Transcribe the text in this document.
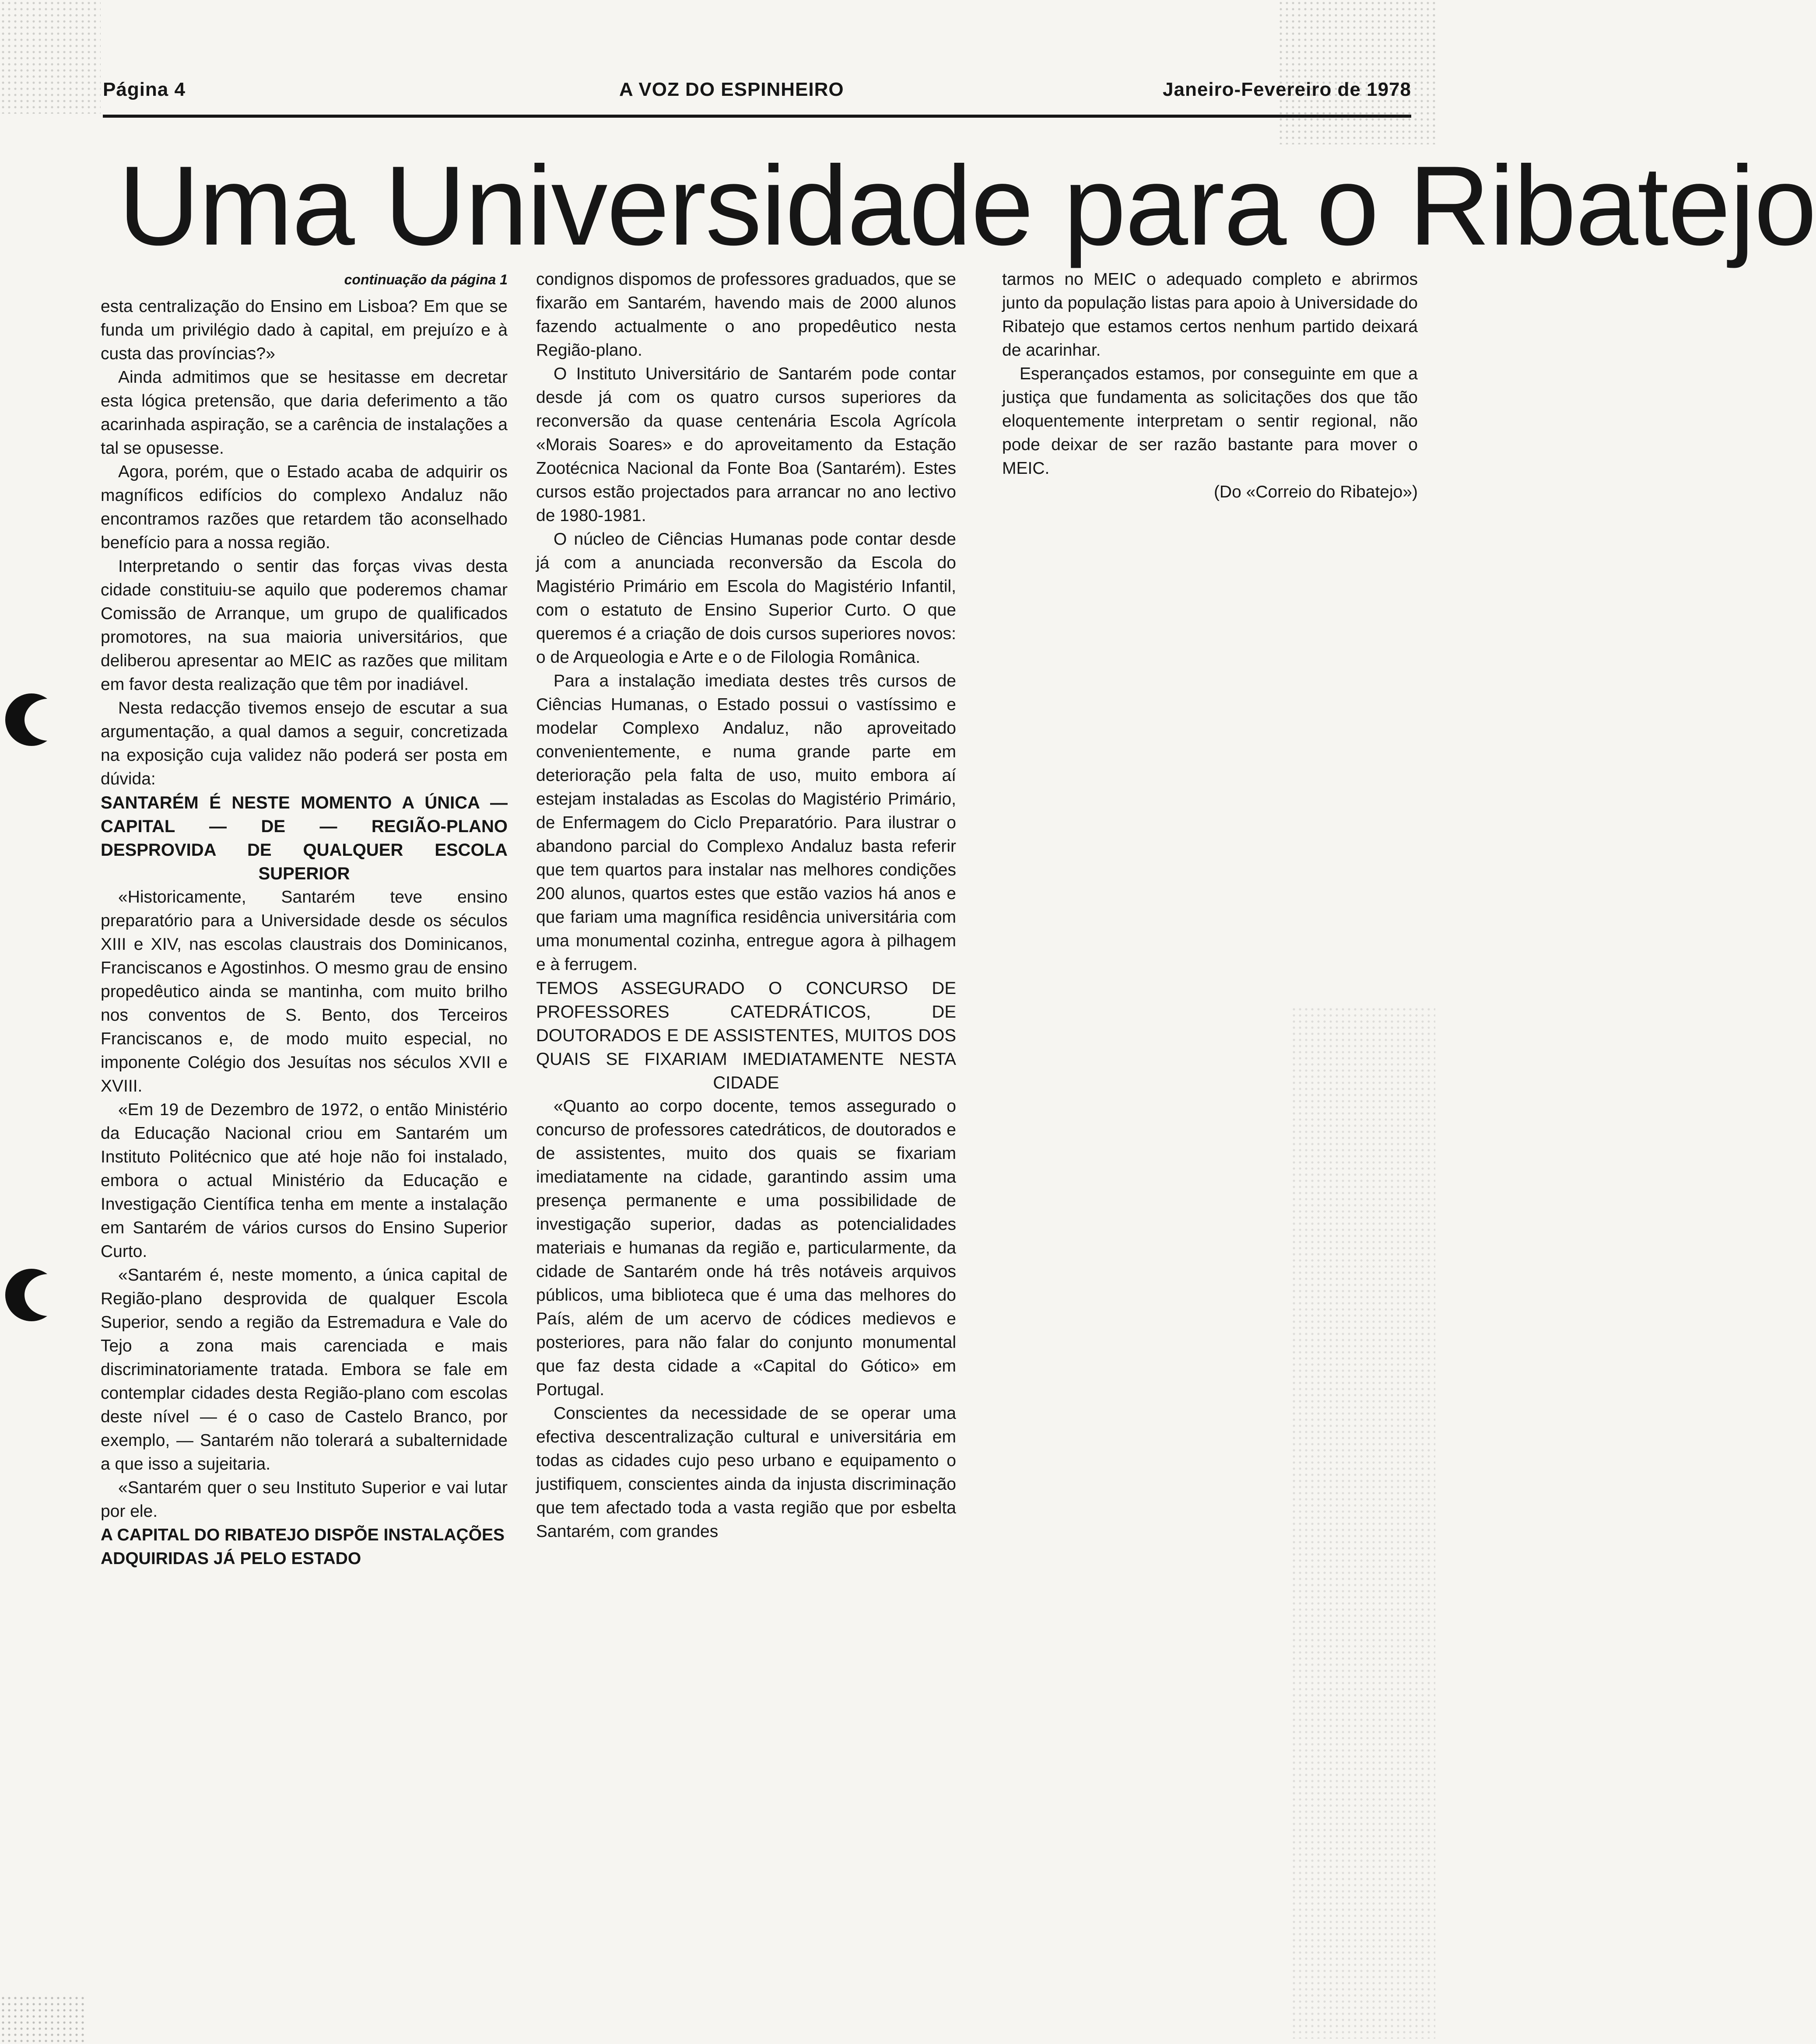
Página 4	A VOZ DO ESPINHEIRO	Janeiro-Fevereiro de 1978
Uma Universidade para o Ribatejo

continuação da página 1

esta centralização do Ensino em Lisboa? Em que se funda um privilégio dado à capital, em prejuízo e à custa das províncias?»

Ainda admitimos que se hesitasse em decretar esta lógica pretensão, que daria deferimento a tão acarinhada aspiração, se a carência de instalações a tal se opusesse.

Agora, porém, que o Estado acaba de adquirir os magníficos edifícios do complexo Andaluz não encontramos razões que retardem tão aconselhado benefício para a nossa região.

Interpretando o sentir das forças vivas desta cidade constituiu-se aquilo que poderemos chamar Comissão de Arranque, um grupo de qualificados promotores, na sua maioria universitários, que deliberou apresentar ao MEIC as razões que militam em favor desta realização que têm por inadiável.

Nesta redacção tivemos ensejo de escutar a sua argumentação, a qual damos a seguir, concretizada na exposição cuja validez não poderá ser posta em dúvida:

SANTARÉM É NESTE MOMENTO A ÚNICA — CAPITAL — DE — REGIÃO-PLANO DESPROVIDA DE QUALQUER ESCOLA SUPERIOR

«Historicamente, Santarém teve ensino preparatório para a Universidade desde os séculos XIII e XIV, nas escolas claustrais dos Dominicanos, Franciscanos e Agostinhos. O mesmo grau de ensino propedêutico ainda se mantinha, com muito brilho nos conventos de S. Bento, dos Terceiros Franciscanos e, de modo muito especial, no imponente Colégio dos Jesuítas nos séculos XVII e XVIII.

«Em 19 de Dezembro de 1972, o então Ministério da Educação Nacional criou em Santarém um Instituto Politécnico que até hoje não foi instalado, embora o actual Ministério da Educação e Investigação Científica tenha em mente a instalação em Santarém de vários cursos do Ensino Superior Curto.

«Santarém é, neste momento, a única capital de Região-plano desprovida de qualquer Escola Superior, sendo a região da Estremadura e Vale do Tejo a zona mais carenciada e mais discriminatoriamente tratada. Embora se fale em contemplar cidades desta Região-plano com escolas deste nível — é o caso de Castelo Branco, por exemplo, — Santarém não tolerará a subalternidade a que isso a sujeitaria.

«Santarém quer o seu Instituto Superior e vai lutar por ele.

A CAPITAL DO RIBATEJO DISPÕE INSTALAÇÕES ADQUIRIDAS JÁ PELO ESTADO

condignos dispomos de professores graduados, que se fixarão em Santarém, havendo mais de 2000 alunos fazendo actualmente o ano propedêutico nesta Região-plano.

O Instituto Universitário de Santarém pode contar desde já com os quatro cursos superiores da reconversão da quase centenária Escola Agrícola «Morais Soares» e do aproveitamento da Estação Zootécnica Nacional da Fonte Boa (Santarém). Estes cursos estão projectados para arrancar no ano lectivo de 1980-1981.

O núcleo de Ciências Humanas pode contar desde já com a anunciada reconversão da Escola do Magistério Primário em Escola do Magistério Infantil, com o estatuto de Ensino Superior Curto. O que queremos é a criação de dois cursos superiores novos: o de Arqueologia e Arte e o de Filologia Românica.

Para a instalação imediata destes três cursos de Ciências Humanas, o Estado possui o vastíssimo e modelar Complexo Andaluz, não aproveitado convenientemente, e numa grande parte em deterioração pela falta de uso, muito embora aí estejam instaladas as Escolas do Magistério Primário, de Enfermagem do Ciclo Preparatório. Para ilustrar o abandono parcial do Complexo Andaluz basta referir que tem quartos para instalar nas melhores condições 200 alunos, quartos estes que estão vazios há anos e que fariam uma magnífica residência universitária com uma monumental cozinha, entregue agora à pilhagem e à ferrugem.

TEMOS ASSEGURADO O CONCURSO DE PROFESSORES CATEDRÁTICOS, DE DOUTORADOS E DE ASSISTENTES, MUITOS DOS QUAIS SE FIXARIAM IMEDIATAMENTE NESTA CIDADE

«Quanto ao corpo docente, temos assegurado o concurso de professores catedráticos, de doutorados e de assistentes, muito dos quais se fixariam imediatamente na cidade, garantindo assim uma presença permanente e uma possibilidade de investigação superior, dadas as potencialidades materiais e humanas da região e, particularmente, da cidade de Santarém onde há três notáveis arquivos públicos, uma biblioteca que é uma das melhores do País, além de um acervo de códices medievos e posteriores, para não falar do conjunto monumental que faz desta cidade a «Capital do Gótico» em Portugal.

Conscientes da necessidade de se operar uma efectiva descentralização cultural e universitária em todas as cidades cujo peso urbano e equipamento o justifiquem, conscientes ainda da injusta discriminação que tem afectado toda a vasta região que por esbelta Santarém, com grandes

tarmos no MEIC o adequado completo e abrirmos junto da população listas para apoio à Universidade do Ribatejo que estamos certos nenhum partido deixará de acarinhar.

Esperançados estamos, por conseguinte em que a justiça que fundamenta as solicitações dos que tão eloquentemente interpretam o sentir regional, não pode deixar de ser razão bastante para mover o MEIC.

(Do «Correio do Ribatejo»)
